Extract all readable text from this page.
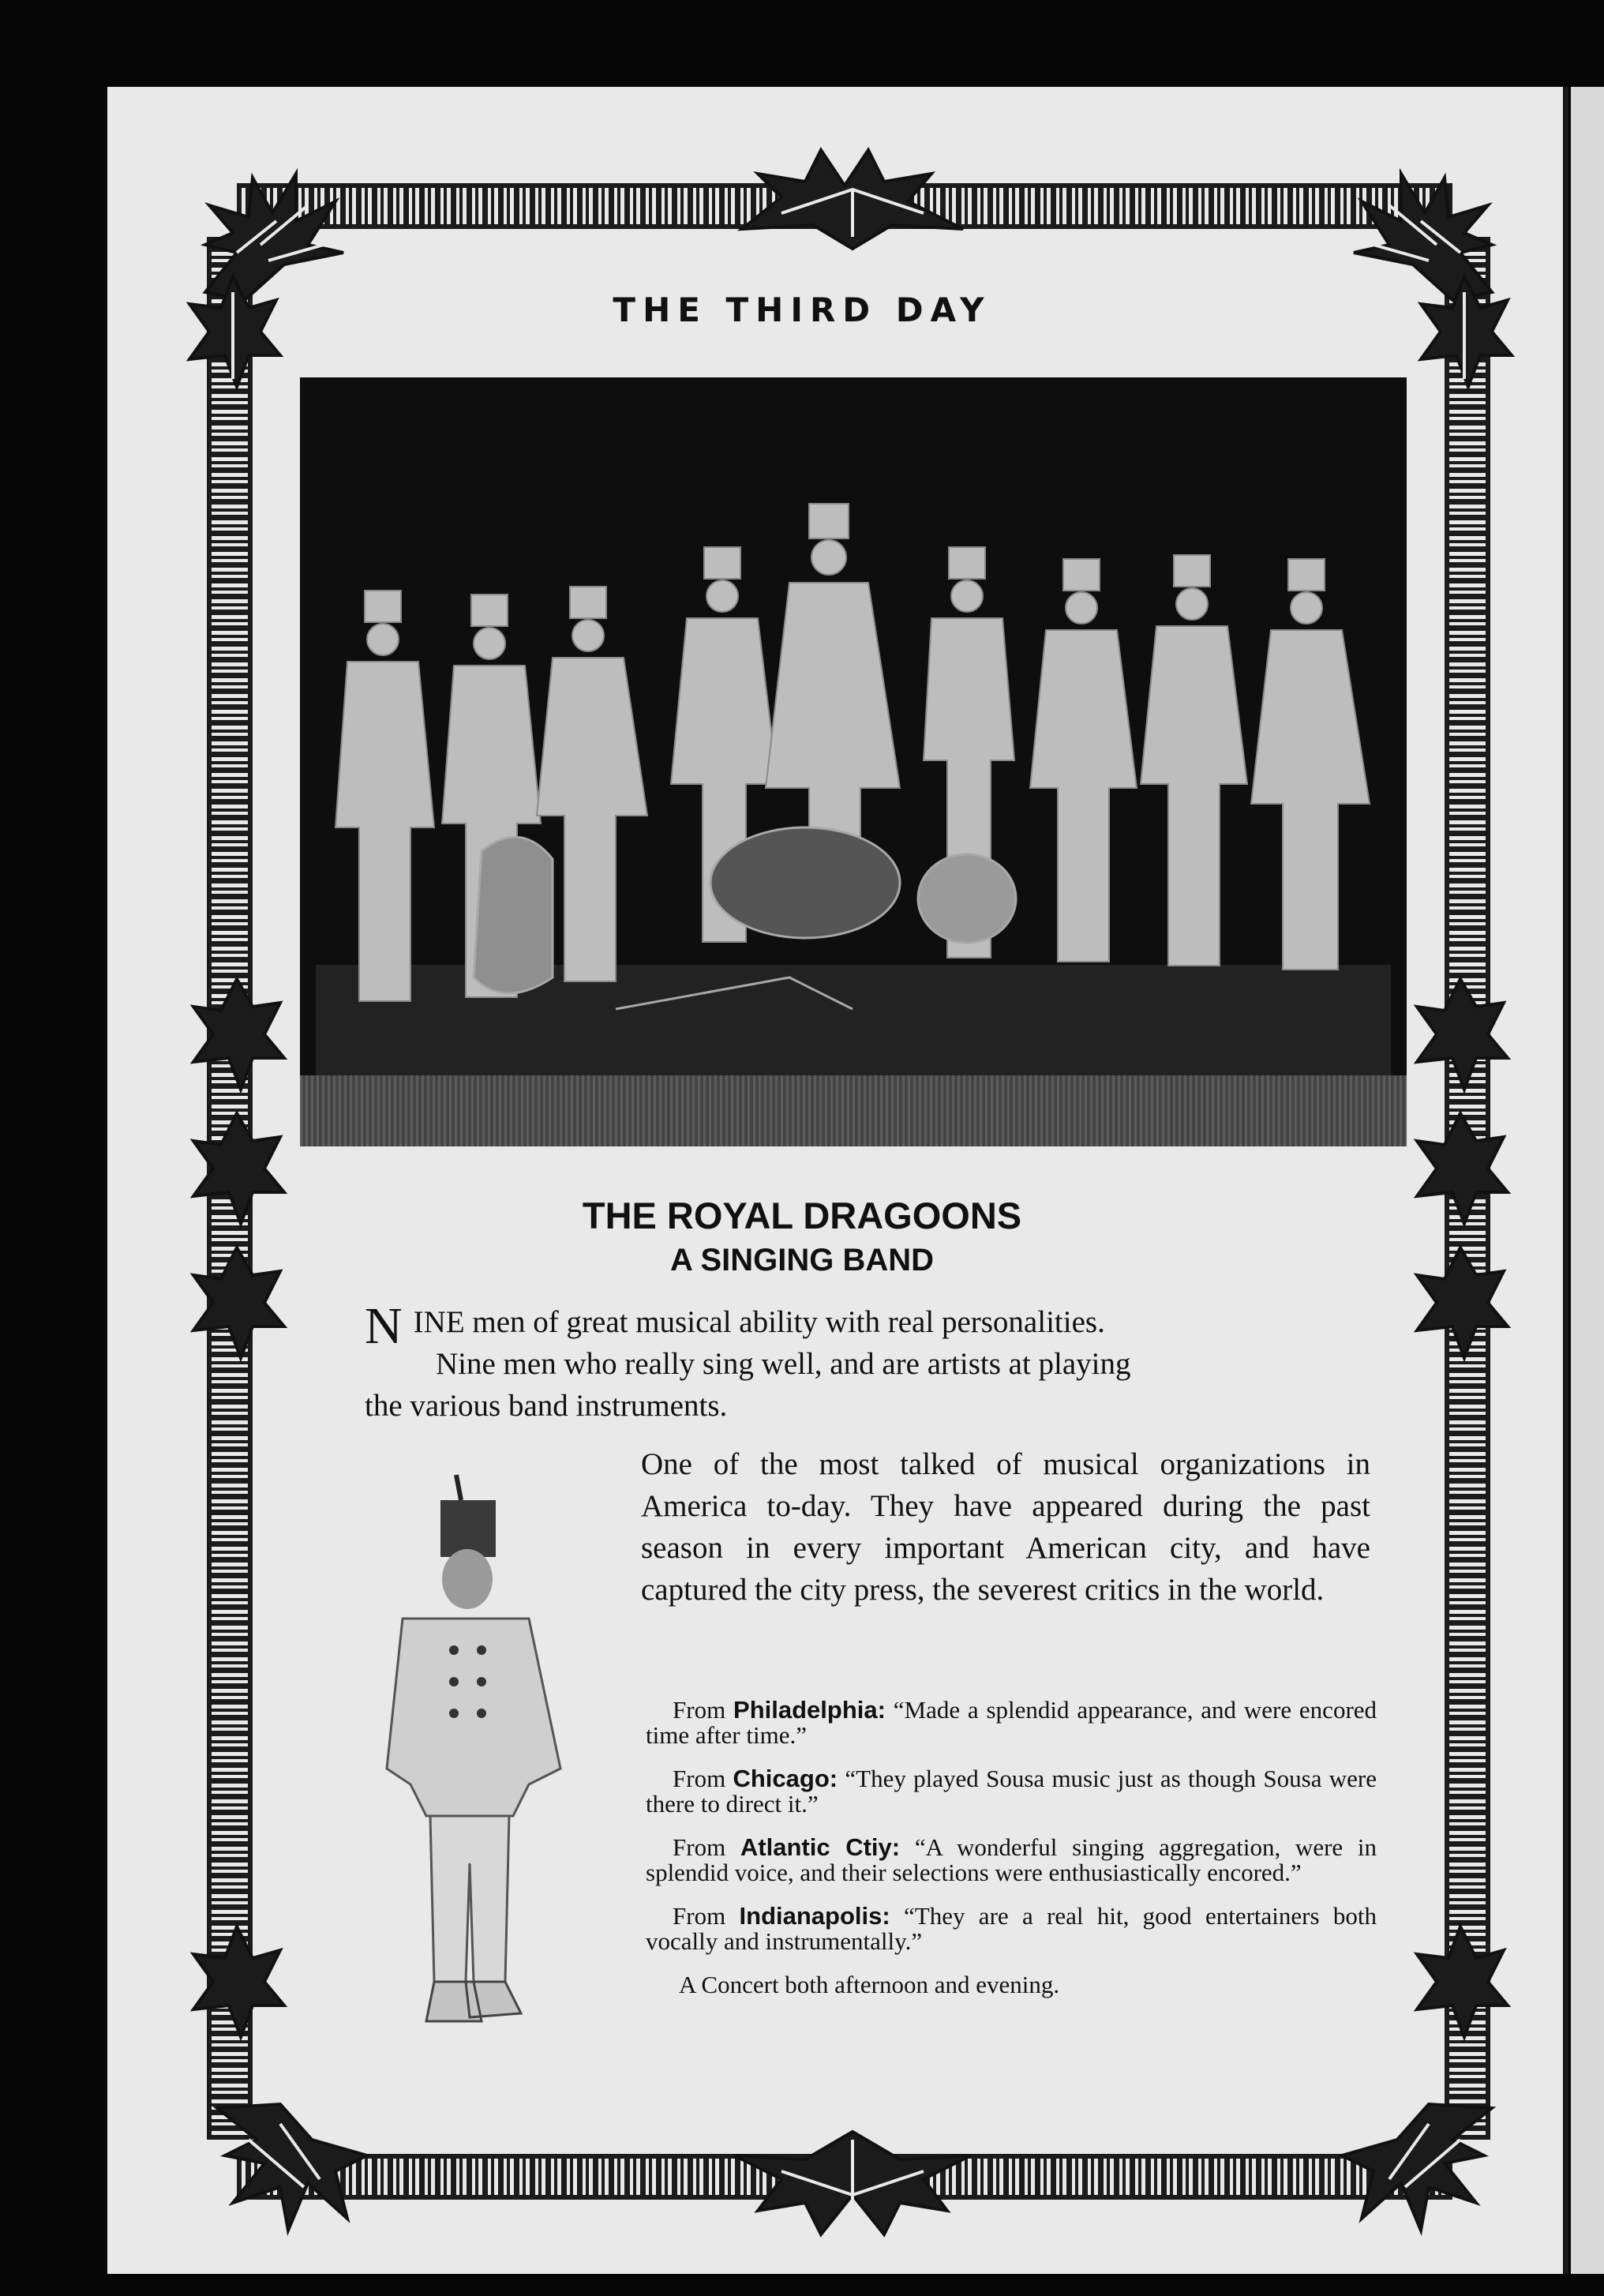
THE THIRD DAY
THE ROYAL DRAGOONS
A SINGING BAND
N INE men of great musical ability with real personalities.
Nine men who really sing well, and are artists at playing
the various band instruments.
One of the most talked of musical organizations in America to-day. They have appeared during the past season in every important American city, and have captured the city press, the severest critics in the world.

From Philadelphia: “Made a splendid appearance, and were encored time after time.”

From Chicago: “They played Sousa music just as though Sousa were there to direct it.”

From Atlantic Ctiy: “A wonderful singing aggregation, were in splendid voice, and their selections were enthusiastically encored.”

From Indianapolis: “They are a real hit, good entertainers both vocally and instrumentally.”

A Concert both afternoon and evening.
